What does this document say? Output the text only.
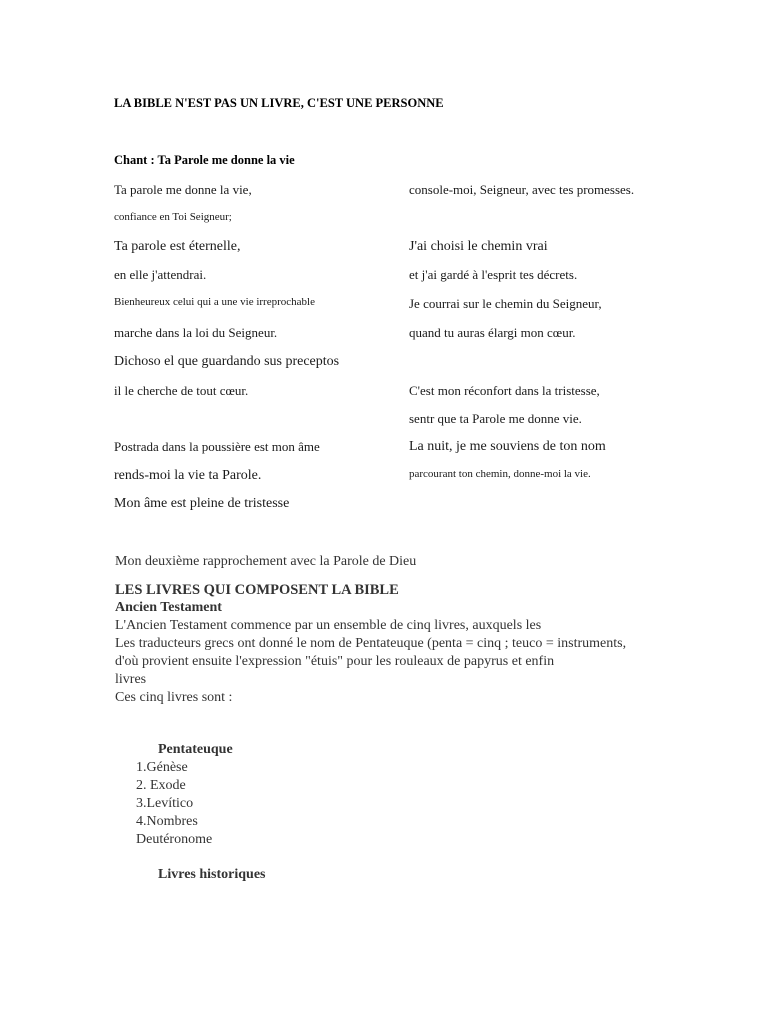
LA BIBLE N'EST PAS UN LIVRE, C'EST UNE PERSONNE
Chant : Ta Parole me donne la vie
Ta parole me donne la vie,
confiance en Toi Seigneur;
Ta parole est éternelle,
en elle j'attendrai.
Bienheureux celui qui a une vie irreprochable
marche dans la loi du Seigneur.
Dichoso el que guardando sus preceptos
il le cherche de tout cœur.
Postrada dans la poussière est mon âme
rends-moi la vie ta Parole.
Mon âme est pleine de tristesse
console-moi, Seigneur, avec tes promesses.
J'ai choisi le chemin vrai
et j'ai gardé à l'esprit tes décrets.
Je courrai sur le chemin du Seigneur,
quand tu auras élargi mon cœur.
C'est mon réconfort dans la tristesse,
sentr que ta Parole me donne vie.
La nuit, je me souviens de ton nom
parcourant ton chemin, donne-moi la vie.
Mon deuxième rapprochement avec la Parole de Dieu
LES LIVRES QUI COMPOSENT LA BIBLE
Ancien Testament
L'Ancien Testament commence par un ensemble de cinq livres, auxquels les
Les traducteurs grecs ont donné le nom de Pentateuque (penta = cinq ; teuco = instruments,
d'où provient ensuite l'expression "étuis" pour les rouleaux de papyrus et enfin
livres
Ces cinq livres sont :
Pentateuque
1.Génèse
2. Exode
3.Levítico
4.Nombres
Deutéronome
Livres historiques
